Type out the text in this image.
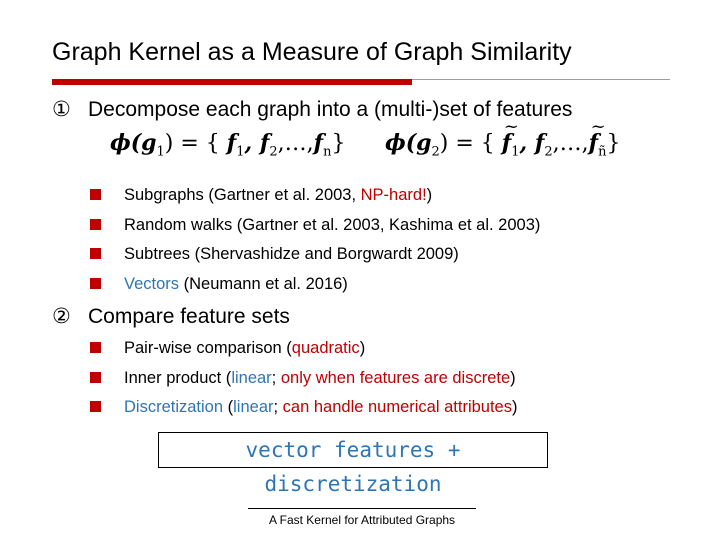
Graph Kernel as a Measure of Graph Similarity
① Decompose each graph into a (multi-)set of features
$\phi(g_1)$ = { $f_1$, $f_2,\dots,f_n$} $\phi(g_2)$ = { ~ $f_1$, $f_2,\dots,\sim$ $f_ñ$}
Subgraphs (Gartner et al. 2003, NP-hard!)
Random walks (Gartner et al. 2003, Kashima et al. 2003)
Subtrees (Shervashidze and Borgwardt 2009)
Vectors (Neumann et al. 2016)
② Compare feature sets
Pair-wise comparison (quadratic)
Inner product (linear; only when features are discrete)
Discretization (linear; can handle numerical attributes)
vector features + discretization
A Fast Kernel for Attributed Graphs
